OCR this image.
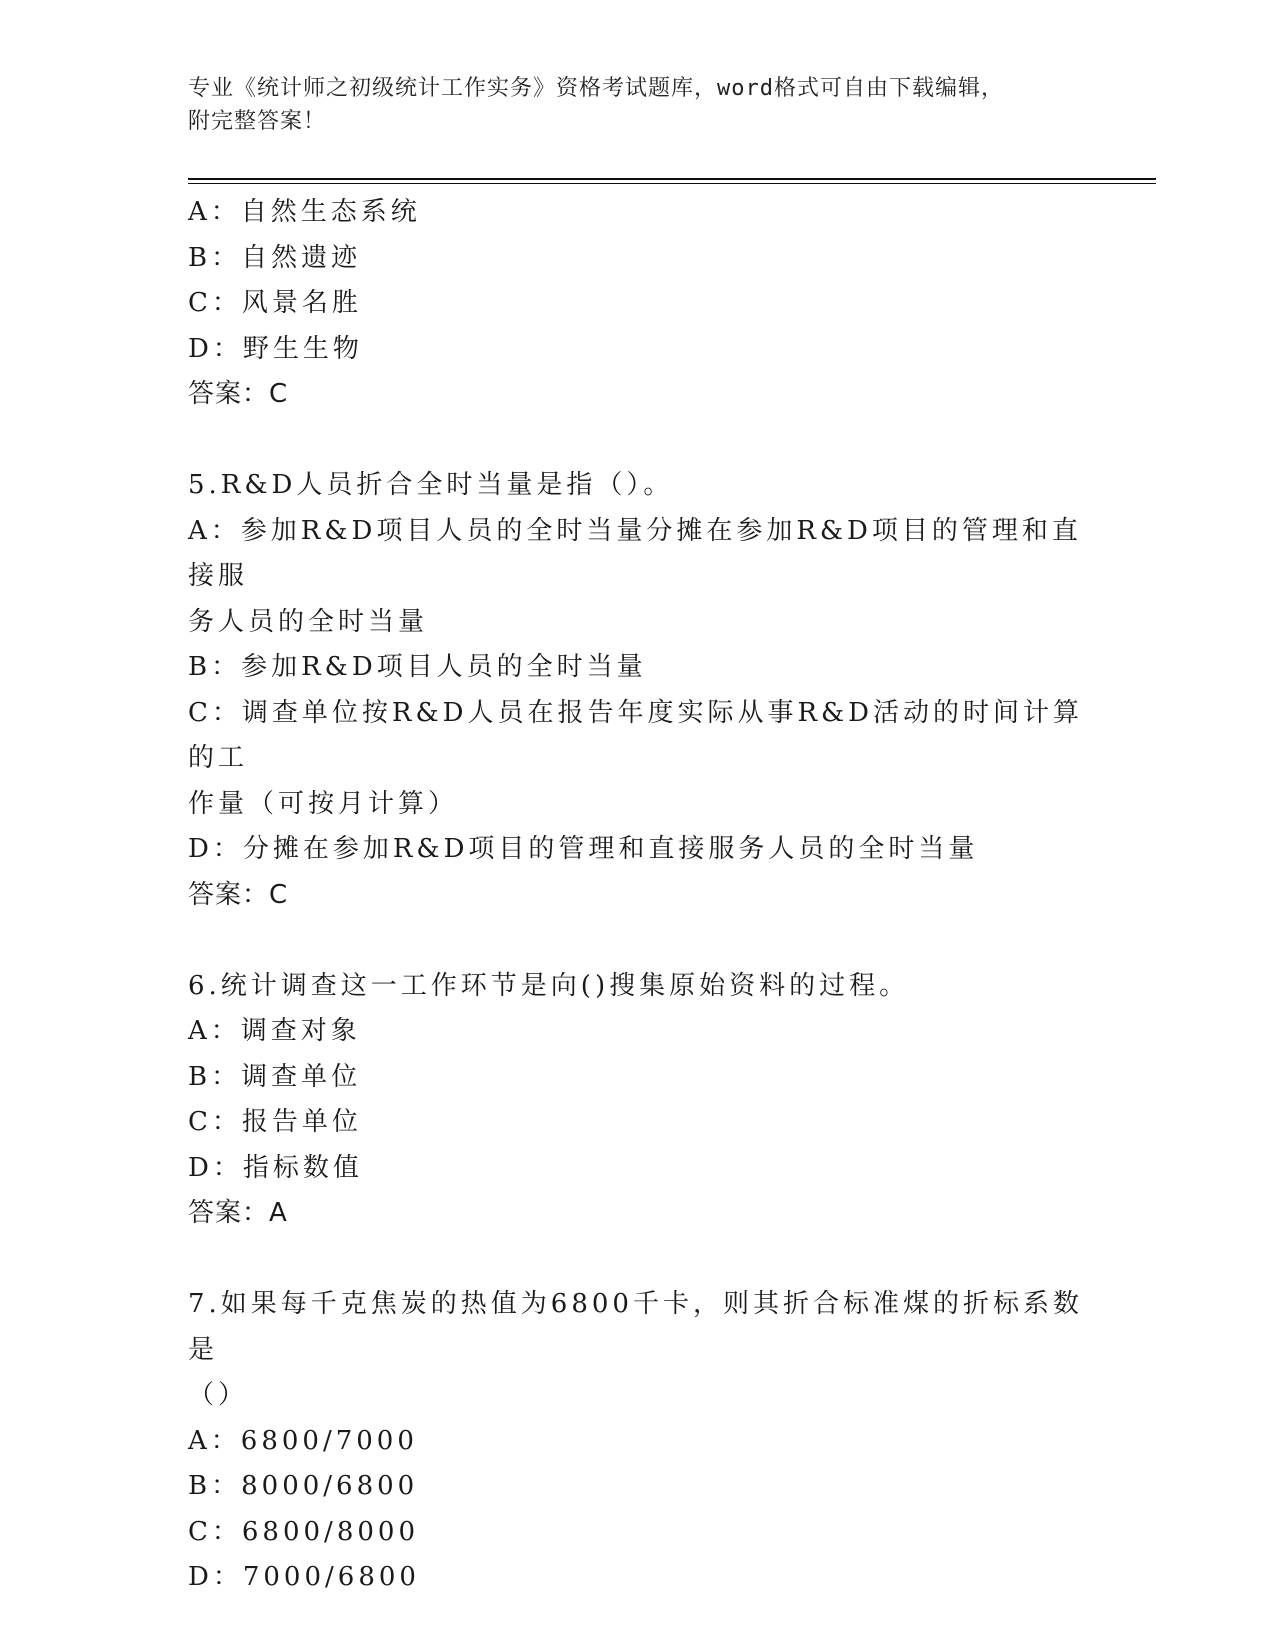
专业《统计师之初级统计工作实务》资格考试题库，word格式可自由下载编辑，
附完整答案！
A：自然生态系统
B：自然遗迹
C：风景名胜
D：野生生物
答案：C
5.R&D人员折合全时当量是指（）。
A：参加R&D项目人员的全时当量分摊在参加R&D项目的管理和直接服
务人员的全时当量
B：参加R&D项目人员的全时当量
C：调查单位按R&D人员在报告年度实际从事R&D活动的时间计算的工
作量（可按月计算）
D：分摊在参加R&D项目的管理和直接服务人员的全时当量
答案：C
6.统计调查这一工作环节是向()搜集原始资料的过程。
A：调查对象
B：调查单位
C：报告单位
D：指标数值
答案：A
7.如果每千克焦炭的热值为6800千卡，则其折合标准煤的折标系数是
（）
A：6800/7000
B：8000/6800
C：6800/8000
D：7000/6800
